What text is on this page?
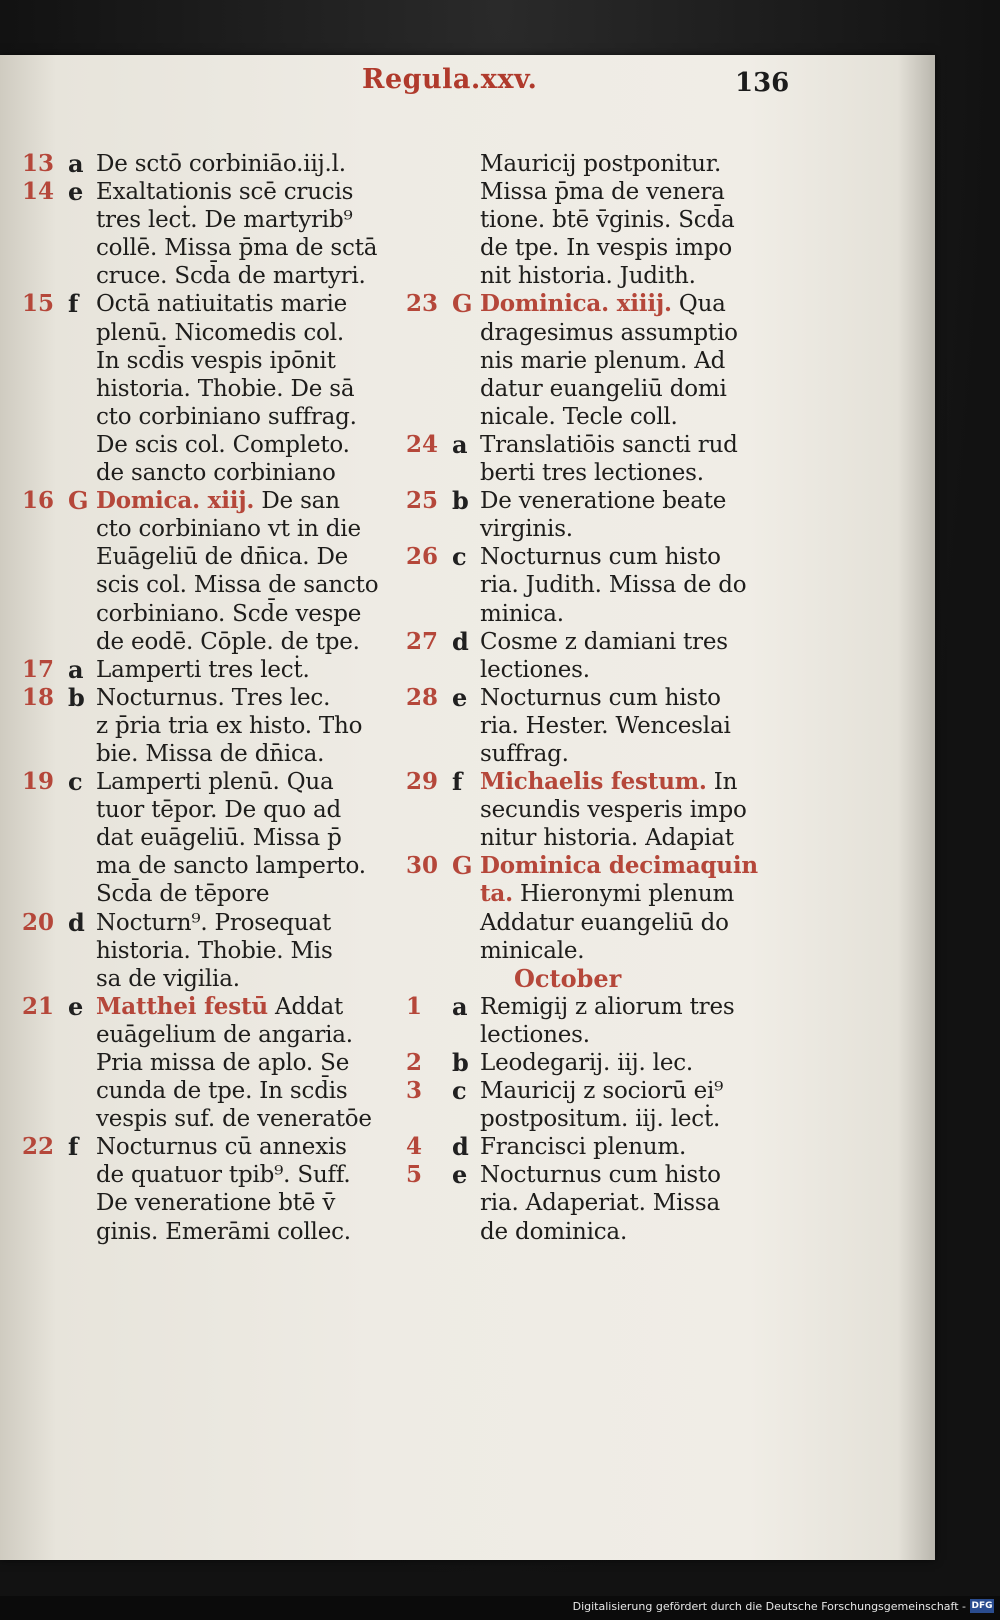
Regula.xxv.	136
13 a De sctō corbiniāo.iij.l.
14 e Exaltationis scē crucis
tres lecṫ. De martyrib⁹
collē. Missa p̄ma de sctā
cruce. Scd̄a de martyri.
15 f Octā natiuitatis marie
plenū. Nicomedis col.
In scd̄is vespis ipōnit
historia. Thobie. De sā
cto corbiniano suffrag.
De scis col. Completo.
de sancto corbiniano
16 G Domica. xiij. De san
cto corbiniano vt in die
Euāgeliū de dn̄ica. De
scis col. Missa de sancto
corbiniano. Scd̄e vespe
de eodē. Cōple. de tpe.
17 a Lamperti tres lecṫ.
18 b Nocturnus. Tres lec.
z p̄ria tria ex histo. Tho
bie. Missa de dn̄ica.
19 c Lamperti plenū. Qua
tuor tēpor. De quo ad
dat euāgeliū. Missa p̄
ma de sancto lamperto.
Scd̄a de tēpore
20 d Nocturn⁹. Prosequat
historia. Thobie. Mis
sa de vigilia.
21 e Matthei festū Addat
euāgelium de angaria.
Pria missa de aplo. Se
cunda de tpe. In scd̄is
vespis suf. de veneratōe
22 f Nocturnus cū annexis
de quatuor tpib⁹. Suff.
De veneratione btē v̄
ginis. Emerāmi collec.
Mauricij postponitur.
Missa p̄ma de venera
tione. btē v̄ginis. Scd̄a
de tpe. In vespis impo
nit historia. Judith.
23 G Dominica. xiiij. Qua
dragesimus assumptio
nis marie plenum. Ad
datur euangeliū domi
nicale. Tecle coll.
24 a Translatiōis sancti rud
berti tres lectiones.
25 b De veneratione beate
virginis.
26 c Nocturnus cum histo
ria. Judith. Missa de do
minica.
27 d Cosme z damiani tres
lectiones.
28 e Nocturnus cum histo
ria. Hester. Wenceslai
suffrag.
29 f Michaelis festum. In
secundis vesperis impo
nitur historia. Adapiat
30 G Dominica decimaquin
ta. Hieronymi plenum
Addatur euangeliū do
minicale.
October
1	a Remigij z aliorum tres
lectiones.
2	b Leodegarij. iij. lec.
3	c Mauricij z sociorū ei⁹
postpositum. iij. lecṫ.
4	d Francisci plenum.
5	e Nocturnus cum histo
ria. Adaperiat. Missa
de dominica.
Digitalisierung gefördert durch die Deutsche Forschungsgemeinschaft - DFG
